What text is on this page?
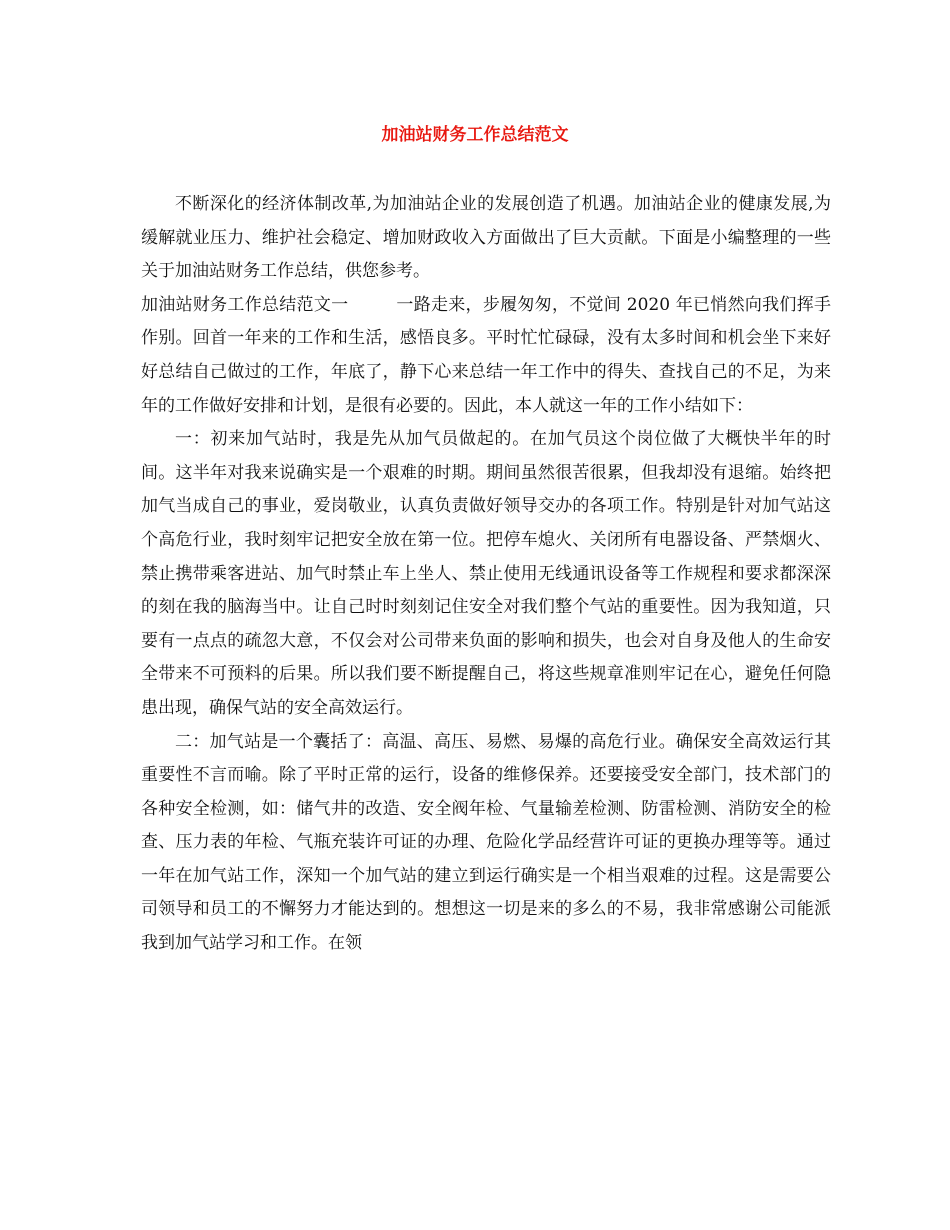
加油站财务工作总结范文

不断深化的经济体制改革,为加油站企业的发展创造了机遇。加油站企业的健康发展,为缓解就业压力、维护社会稳定、增加财政收入方面做出了巨大贡献。下面是小编整理的一些关于加油站财务工作总结，供您参考。

加油站财务工作总结范文一	一路走来，步履匆匆，不觉间 2020 年已悄然向我们挥手作别。回首一年来的工作和生活，感悟良多。平时忙忙碌碌，没有太多时间和机会坐下来好好总结自己做过的工作，年底了，静下心来总结一年工作中的得失、查找自己的不足，为来年的工作做好安排和计划，是很有必要的。因此，本人就这一年的工作小结如下：

一：初来加气站时，我是先从加气员做起的。在加气员这个岗位做了大概快半年的时间。这半年对我来说确实是一个艰难的时期。期间虽然很苦很累，但我却没有退缩。始终把加气当成自己的事业，爱岗敬业，认真负责做好领导交办的各项工作。特别是针对加气站这个高危行业，我时刻牢记把安全放在第一位。把停车熄火、关闭所有电器设备、严禁烟火、禁止携带乘客进站、加气时禁止车上坐人、禁止使用无线通讯设备等工作规程和要求都深深的刻在我的脑海当中。让自己时时刻刻记住安全对我们整个气站的重要性。因为我知道，只要有一点点的疏忽大意，不仅会对公司带来负面的影响和损失，也会对自身及他人的生命安全带来不可预料的后果。所以我们要不断提醒自己，将这些规章准则牢记在心，避免任何隐患出现，确保气站的安全高效运行。

二：加气站是一个囊括了：高温、高压、易燃、易爆的高危行业。确保安全高效运行其重要性不言而喻。除了平时正常的运行，设备的维修保养。还要接受安全部门，技术部门的各种安全检测，如：储气井的改造、安全阀年检、气量输差检测、防雷检测、消防安全的检查、压力表的年检、气瓶充装许可证的办理、危险化学品经营许可证的更换办理等等。通过一年在加气站工作，深知一个加气站的建立到运行确实是一个相当艰难的过程。这是需要公司领导和员工的不懈努力才能达到的。想想这一切是来的多么的不易，我非常感谢公司能派我到加气站学习和工作。在领
